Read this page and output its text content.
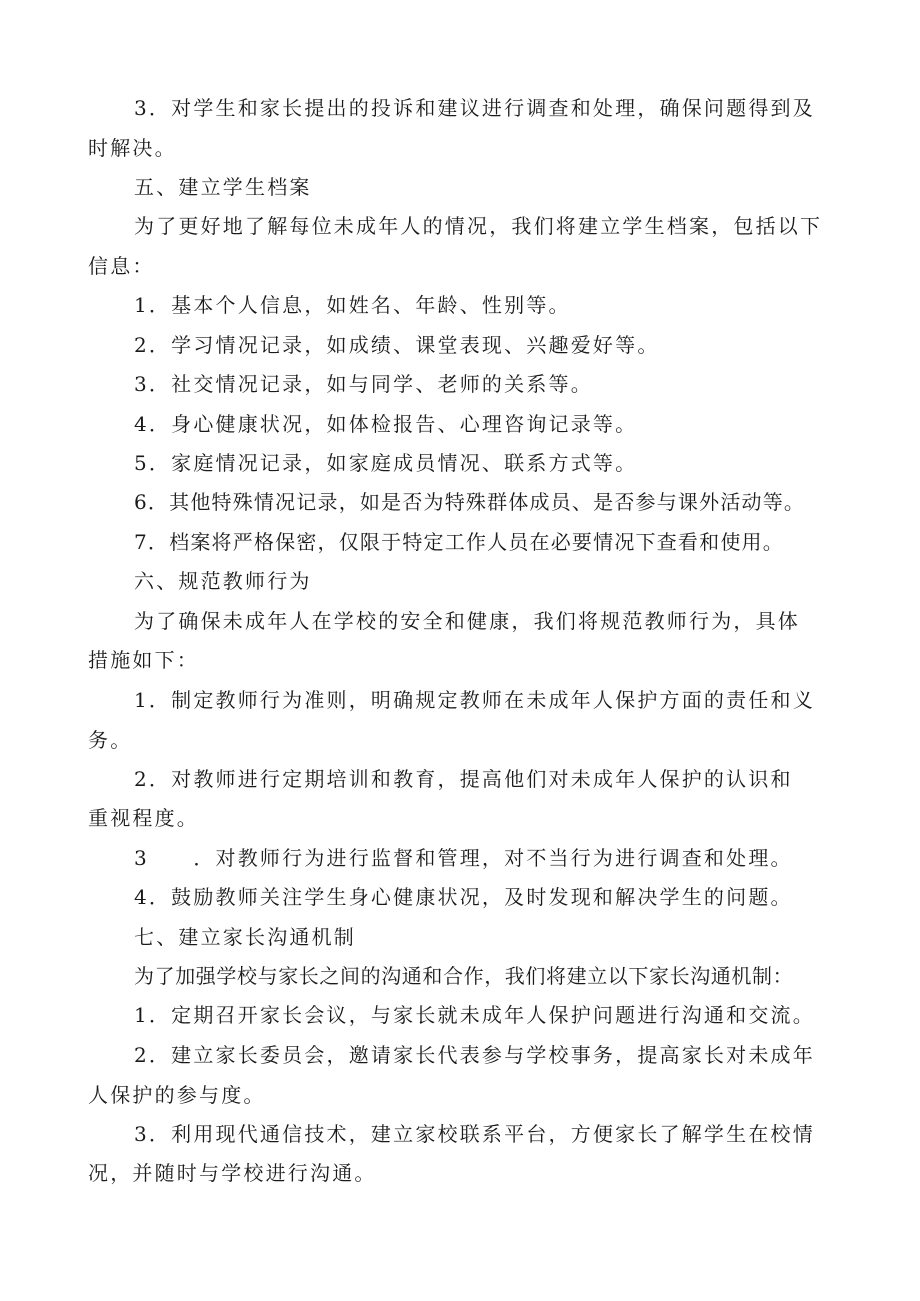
3．对学生和家长提出的投诉和建议进行调查和处理，确保问题得到及
时解决。
五、建立学生档案
为了更好地了解每位未成年人的情况，我们将建立学生档案，包括以下
信息：
1．基本个人信息，如姓名、年龄、性别等。
2．学习情况记录，如成绩、课堂表现、兴趣爱好等。
3．社交情况记录，如与同学、老师的关系等。
4．身心健康状况，如体检报告、心理咨询记录等。
5．家庭情况记录，如家庭成员情况、联系方式等。
6．其他特殊情况记录，如是否为特殊群体成员、是否参与课外活动等。
7．档案将严格保密，仅限于特定工作人员在必要情况下查看和使用。
六、规范教师行为
为了确保未成年人在学校的安全和健康，我们将规范教师行为，具体
措施如下：
1．制定教师行为准则，明确规定教师在未成年人保护方面的责任和义
务。
2．对教师进行定期培训和教育，提高他们对未成年人保护的认识和
重视程度。
3　　．对教师行为进行监督和管理，对不当行为进行调查和处理。
4．鼓励教师关注学生身心健康状况，及时发现和解决学生的问题。
七、建立家长沟通机制
为了加强学校与家长之间的沟通和合作，我们将建立以下家长沟通机制：
1．定期召开家长会议，与家长就未成年人保护问题进行沟通和交流。
2．建立家长委员会，邀请家长代表参与学校事务，提高家长对未成年
人保护的参与度。
3．利用现代通信技术，建立家校联系平台，方便家长了解学生在校情
况，并随时与学校进行沟通。
